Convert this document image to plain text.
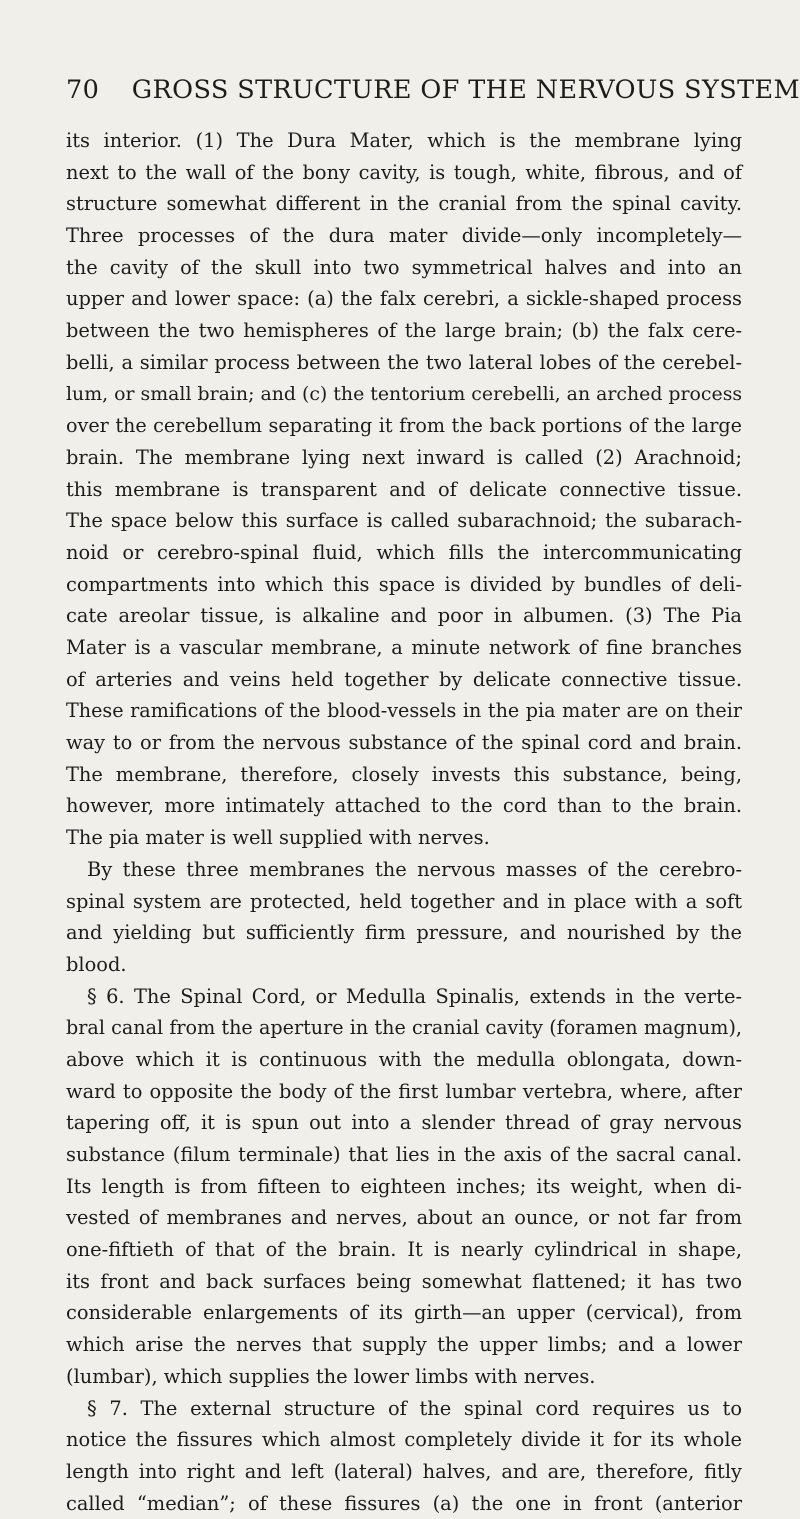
70 GROSS STRUCTURE OF THE NERVOUS SYSTEM
its interior. (1) The Dura Mater, which is the membrane lying
next to the wall of the bony cavity, is tough, white, fibrous, and of
structure somewhat different in the cranial from the spinal cavity.
Three processes of the dura mater divide—only incompletely—
the cavity of the skull into two symmetrical halves and into an
upper and lower space: (a) the falx cerebri, a sickle-shaped process
between the two hemispheres of the large brain; (b) the falx cere-
belli, a similar process between the two lateral lobes of the cerebel-
lum, or small brain; and (c) the tentorium cerebelli, an arched process
over the cerebellum separating it from the back portions of the large
brain. The membrane lying next inward is called (2) Arachnoid;
this membrane is transparent and of delicate connective tissue.
The space below this surface is called subarachnoid; the subarach-
noid or cerebro-spinal fluid, which fills the intercommunicating
compartments into which this space is divided by bundles of deli-
cate areolar tissue, is alkaline and poor in albumen. (3) The Pia
Mater is a vascular membrane, a minute network of fine branches
of arteries and veins held together by delicate connective tissue.
These ramifications of the blood-vessels in the pia mater are on their
way to or from the nervous substance of the spinal cord and brain.
The membrane, therefore, closely invests this substance, being,
however, more intimately attached to the cord than to the brain.
The pia mater is well supplied with nerves.
By these three membranes the nervous masses of the cerebro-
spinal system are protected, held together and in place with a soft
and yielding but sufficiently firm pressure, and nourished by the
blood.
§ 6. The Spinal Cord, or Medulla Spinalis, extends in the verte-
bral canal from the aperture in the cranial cavity (foramen magnum),
above which it is continuous with the medulla oblongata, down-
ward to opposite the body of the first lumbar vertebra, where, after
tapering off, it is spun out into a slender thread of gray nervous
substance (filum terminale) that lies in the axis of the sacral canal.
Its length is from fifteen to eighteen inches; its weight, when di-
vested of membranes and nerves, about an ounce, or not far from
one-fiftieth of that of the brain. It is nearly cylindrical in shape,
its front and back surfaces being somewhat flattened; it has two
considerable enlargements of its girth—an upper (cervical), from
which arise the nerves that supply the upper limbs; and a lower
(lumbar), which supplies the lower limbs with nerves.
§ 7. The external structure of the spinal cord requires us to
notice the fissures which almost completely divide it for its whole
length into right and left (lateral) halves, and are, therefore, fitly
called “median”; of these fissures (a) the one in front (anterior
